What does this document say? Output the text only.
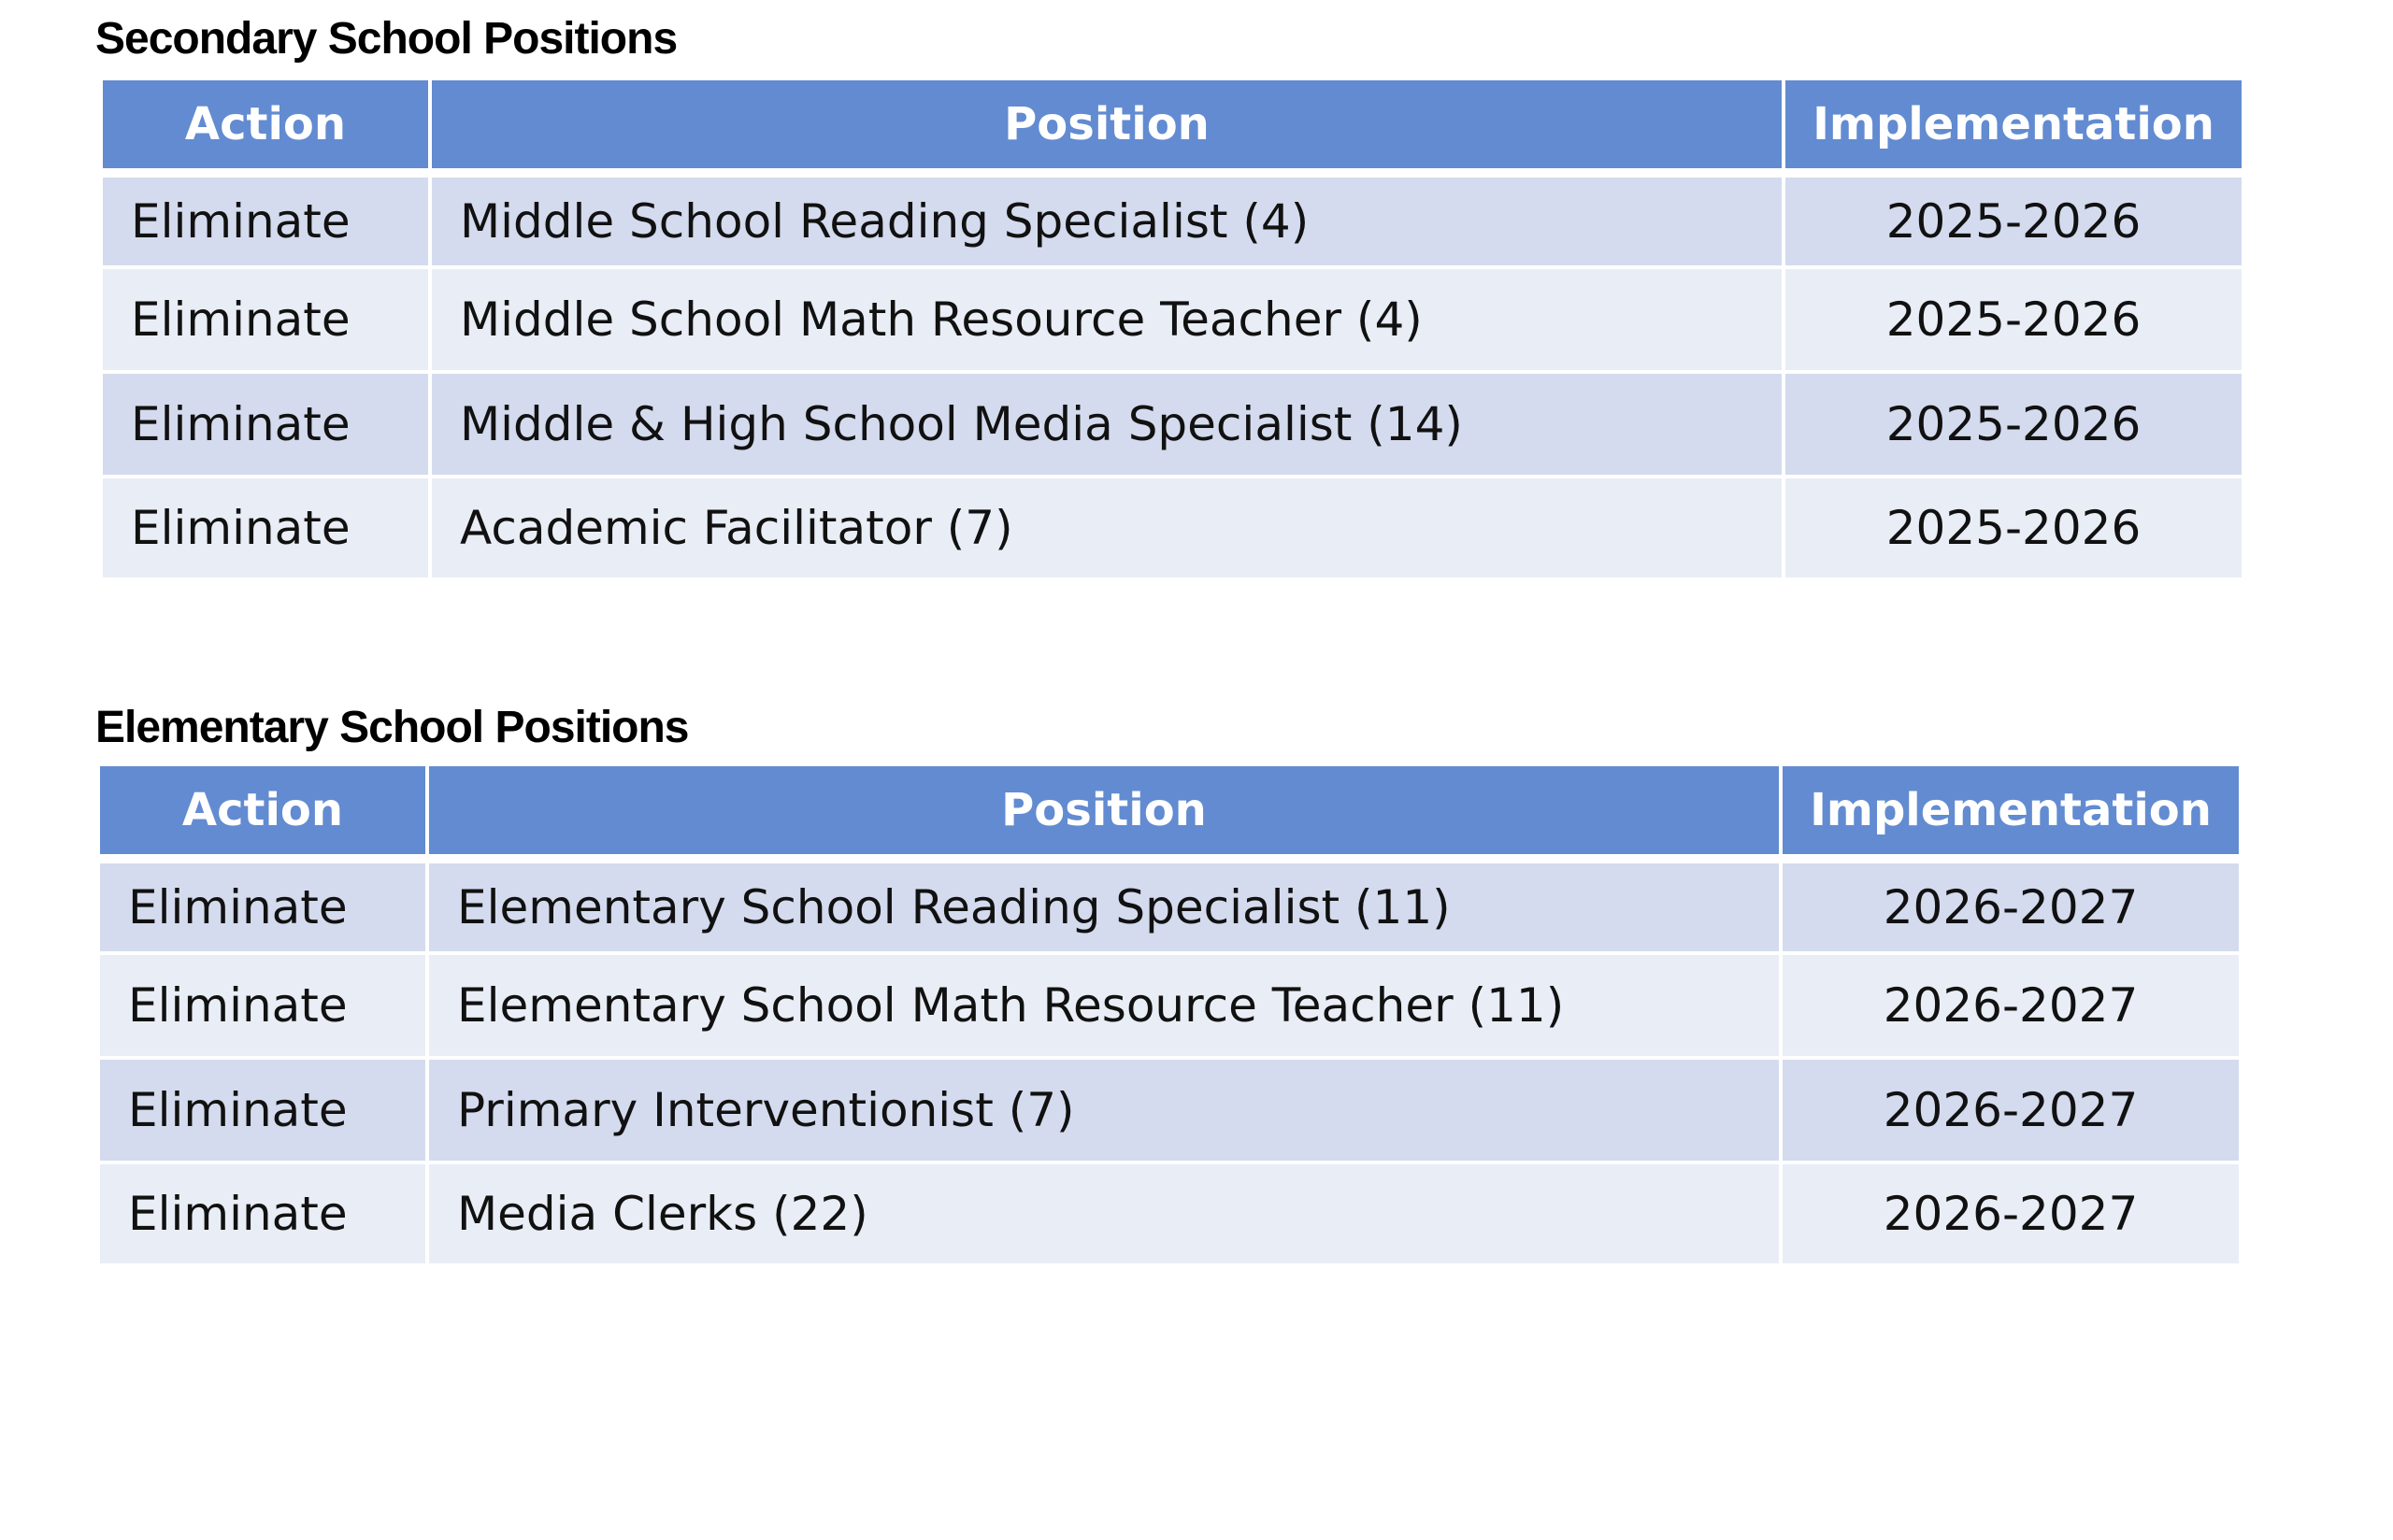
Secondary School Positions
Action	Position	Implementation
Eliminate	Middle School Reading Specialist (4)	2025-2026
Eliminate	Middle School Math Resource Teacher (4)	2025-2026
Eliminate	Middle & High School Media Specialist (14)	2025-2026
Eliminate	Academic Facilitator (7)	2025-2026
Elementary School Positions
Action	Position	Implementation
Eliminate	Elementary School Reading Specialist (11)	2026-2027
Eliminate	Elementary School Math Resource Teacher (11)	2026-2027
Eliminate	Primary Interventionist (7)	2026-2027
Eliminate	Media Clerks (22)	2026-2027
